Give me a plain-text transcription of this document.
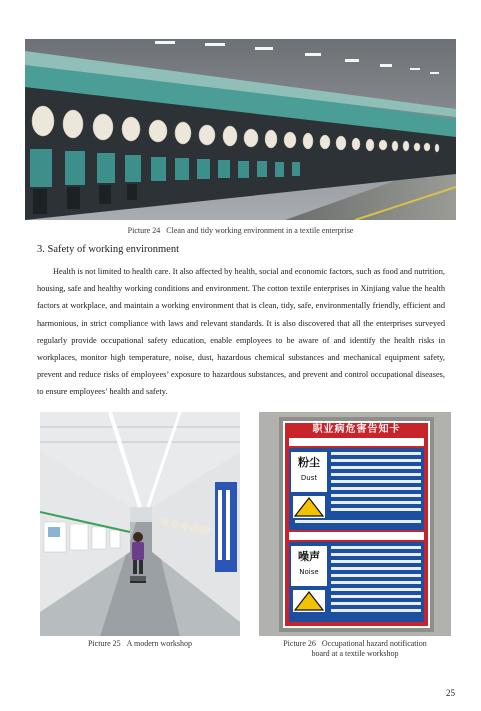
Picture 24   Clean and tidy working environment in a textile enterprise
3. Safety of working environment
Health is not limited to health care. It also affected by health, social and economic factors, such as food and nutrition, housing, safe and healthy working conditions and environment. The cotton textile enterprises in Xinjiang value the health factors at workplace, and maintain a working environment that is clean, tidy, safe, environmentally friendly, efficient and harmonious, in strict compliance with laws and relevant standards. It is also discovered that all the enterprises surveyed regularly provide occupational safety education, enable employees to be aware of and identify the health risks in workplaces, monitor high temperature, noise, dust, hazardous chemical substances and mechanical equipment safety, prevent and reduce risks of employees’ exposure to hazardous substances, and prevent and control occupational diseases, to ensure employees’ health and safety.
Picture 25   A modern workshop
职业病危害告知卡
粉尘
Dust
噪声
Noise
Picture 26   Occupational hazard notification
board at a textile workshop
25
